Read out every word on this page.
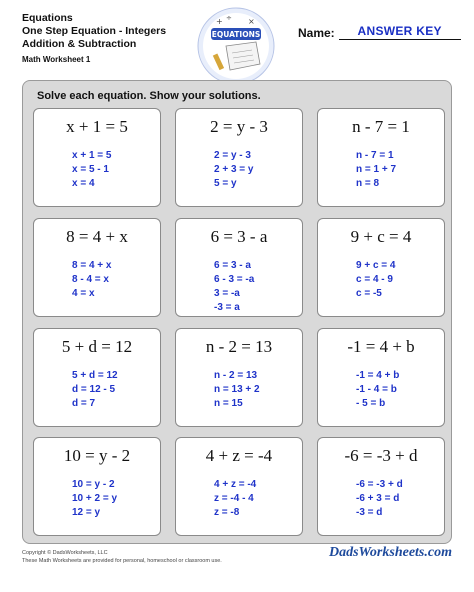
Equations
One Step Equation - Integers
Addition & Subtraction
Math Worksheet 1
+	×
÷
EQUATIONS	Name:	ANSWER KEY
Solve each equation. Show your solutions.
x + 1 = 5
x + 1 = 5
x = 5 - 1
x = 4
2 = y - 3
2 = y - 3
2 + 3 = y
5 = y
n - 7 = 1
n - 7 = 1
n = 1 + 7
n = 8
8 = 4 + x
8 = 4 + x
8 - 4 = x
4 = x
6 = 3 - a
6 = 3 - a
6 - 3 = -a
3 = -a
-3 = a
9 + c = 4
9 + c = 4
c = 4 - 9
c = -5
5 + d = 12
5 + d = 12
d = 12 - 5
d = 7
n - 2 = 13
n - 2 = 13
n = 13 + 2
n = 15
-1 = 4 + b
-1 = 4 + b
-1 - 4 = b
- 5 = b
10 = y - 2
10 = y - 2
10 + 2 = y
12 = y
4 + z = -4
4 + z = -4
z = -4 - 4
z = -8
-6 = -3 + d
-6 = -3 + d
-6 + 3 = d
-3 = d
Copyright © DadsWorksheets, LLC
These Math Worksheets are provided for personal, homeschool or classroom use.
DadsWorksheets.com
